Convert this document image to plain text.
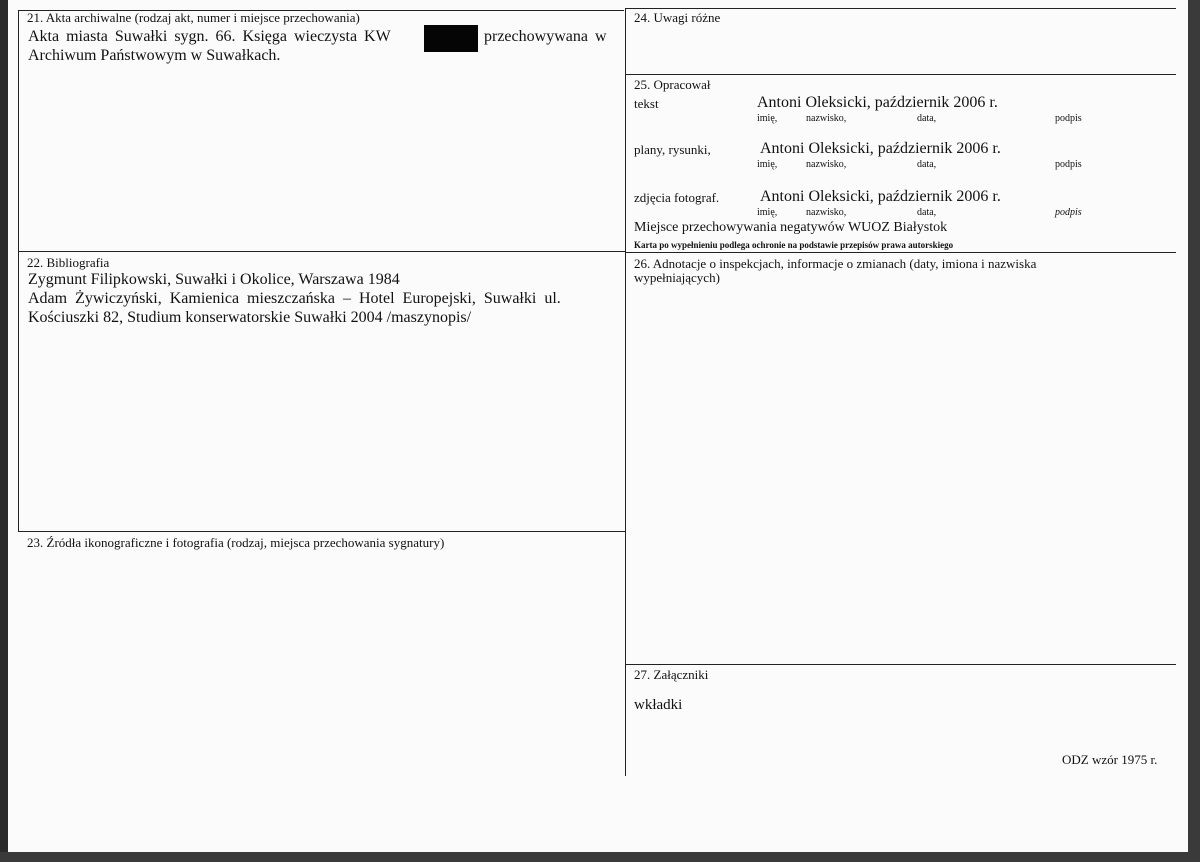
21. Akta archiwalne (rodzaj akt, numer i miejsce przechowania)
Akta miasta Suwałki sygn. 66. Księga wieczysta KW	przechowywana w
Archiwum Państwowym w Suwałkach.
22. Bibliografia
Zygmunt Filipkowski, Suwałki i Okolice, Warszawa 1984
Adam Żywiczyński, Kamienica mieszczańska – Hotel Europejski, Suwałki ul.
Kościuszki 82, Studium konserwatorskie Suwałki 2004 /maszynopis/
23. Źródła ikonograficzne i fotografia (rodzaj, miejsca przechowania sygnatury)
24. Uwagi różne
25. Opracował
tekst	Antoni Oleksicki, październik 2006 r.
imię,	nazwisko,	data,	podpis
plany, rysunki,	Antoni Oleksicki, październik 2006 r.
imię,	nazwisko,	data,	podpis
zdjęcia fotograf.	Antoni Oleksicki, październik 2006 r.
imię,	nazwisko,	data,	podpis
Miejsce przechowywania negatywów WUOZ Białystok
Karta po wypełnieniu podlega ochronie na podstawie przepisów prawa autorskiego
26. Adnotacje o inspekcjach, informacje o zmianach (daty, imiona i nazwiska
wypełniających)
27. Załączniki
wkładki
ODZ wzór 1975 r.
